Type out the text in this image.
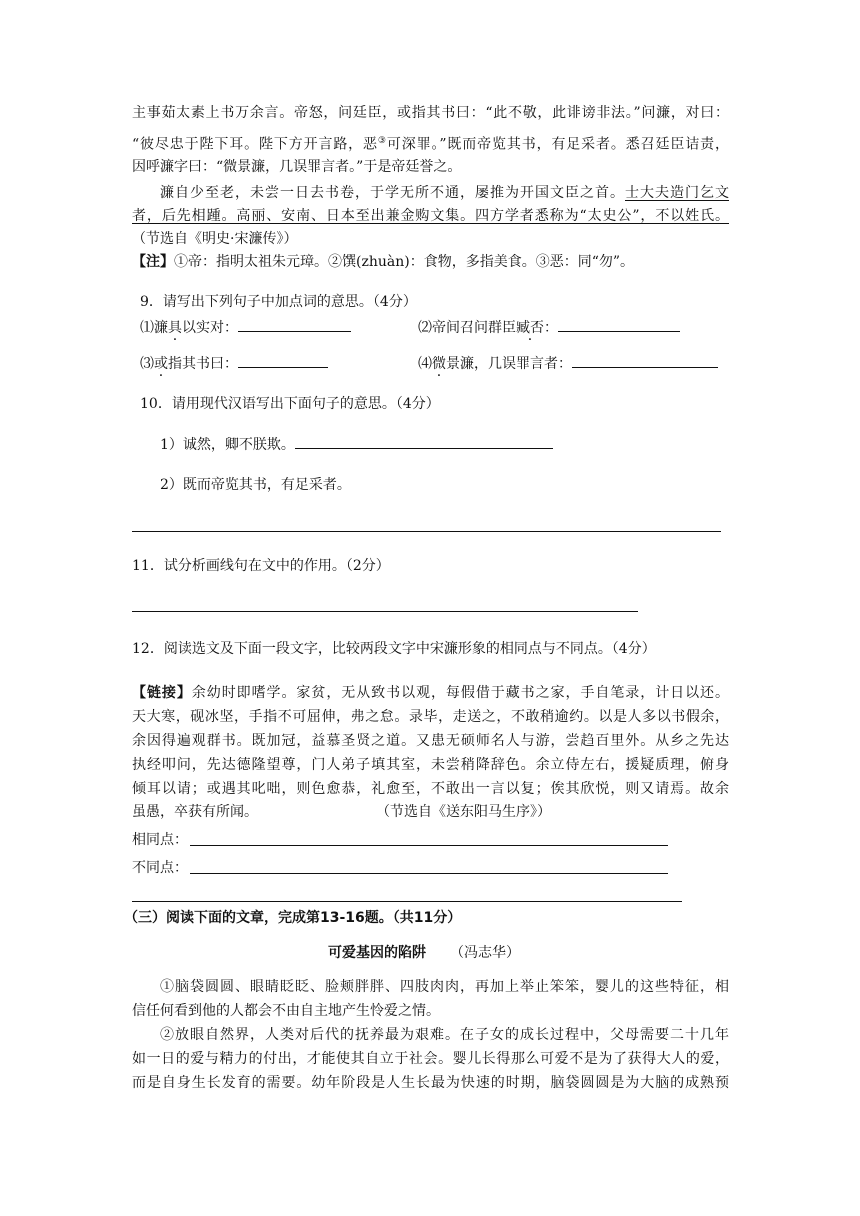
主事茹太素上书万余言。帝怒，问廷臣，或指其书曰：“此不敬，此诽谤非法。”问濂，对曰：
“彼尽忠于陛下耳。陛下方开言路，恶③可深罪。”既而帝览其书，有足采者。悉召廷臣诘责，
因呼濂字曰：“微景濂，几误罪言者。”于是帝廷誉之。
濂自少至老，未尝一日去书卷，于学无所不通，屡推为开国文臣之首。士大夫造门乞文
者，后先相踵。高丽、安南、日本至出兼金购文集。四方学者悉称为“太史公”，不以姓氏。
（节选自《明史·宋濂传》）
【注】①帝：指明太祖朱元璋。②馔(zhuàn)：食物，多指美食。③恶：同“勿”。
9．请写出下列句子中加点词的意思。（4分）
⑴濂具以实对：	⑵帝间召问群臣臧否：
⑶或指其书曰：	⑷微景濂，几误罪言者：
10．请用现代汉语写出下面句子的意思。（4分）
1）诚然，卿不朕欺。
2）既而帝览其书，有足采者。
11．试分析画线句在文中的作用。（2分）
12．阅读选文及下面一段文字，比较两段文字中宋濂形象的相同点与不同点。（4分）
【链接】余幼时即嗜学。家贫，无从致书以观，每假借于藏书之家，手自笔录，计日以还。
天大寒，砚冰坚，手指不可屈伸，弗之怠。录毕，走送之，不敢稍逾约。以是人多以书假余，
余因得遍观群书。既加冠，益慕圣贤之道。又患无硕师名人与游，尝趋百里外。从乡之先达
执经叩问，先达德隆望尊，门人弟子填其室，未尝稍降辞色。余立侍左右，援疑质理，俯身
倾耳以请；或遇其叱咄，则色愈恭，礼愈至，不敢出一言以复；俟其欣悦，则又请焉。故余
虽愚，卒获有所闻。	（节选自《送东阳马生序》）
相同点：
不同点：
（三）阅读下面的文章，完成第13-16题。（共11分）
可爱基因的陷阱 （冯志华）
①脑袋圆圆、眼睛眨眨、脸颊胖胖、四肢肉肉，再加上举止笨笨，婴儿的这些特征，相
信任何看到他的人都会不由自主地产生怜爱之情。
②放眼自然界，人类对后代的抚养最为艰难。在子女的成长过程中，父母需要二十几年
如一日的爱与精力的付出，才能使其自立于社会。婴儿长得那么可爱不是为了获得大人的爱，
而是自身生长发育的需要。幼年阶段是人生长最为快速的时期，脑袋圆圆是为大脑的成熟预
